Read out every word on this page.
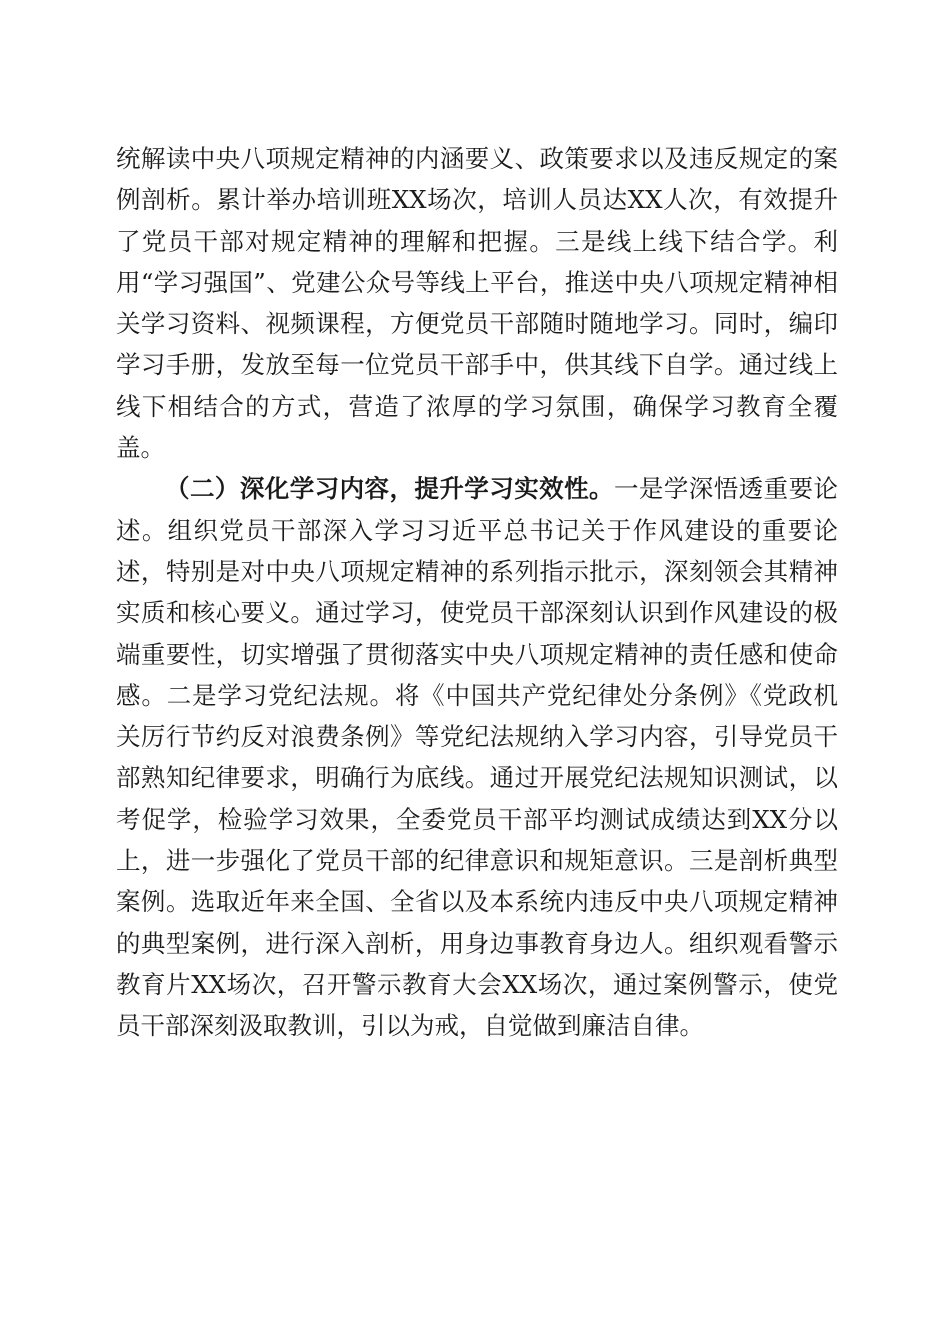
统解读中央八项规定精神的内涵要义、政策要求以及违反规定的案例剖析。累计举办培训班XX场次，培训人员达XX人次，有效提升了党员干部对规定精神的理解和把握。三是线上线下结合学。利用“学习强国”、党建公众号等线上平台，推送中央八项规定精神相关学习资料、视频课程，方便党员干部随时随地学习。同时，编印学习手册，发放至每一位党员干部手中，供其线下自学。通过线上线下相结合的方式，营造了浓厚的学习氛围，确保学习教育全覆盖。

（二）深化学习内容，提升学习实效性。一是学深悟透重要论述。组织党员干部深入学习习近平总书记关于作风建设的重要论述，特别是对中央八项规定精神的系列指示批示，深刻领会其精神实质和核心要义。通过学习，使党员干部深刻认识到作风建设的极端重要性，切实增强了贯彻落实中央八项规定精神的责任感和使命感。二是学习党纪法规。将《中国共产党纪律处分条例》《党政机关厉行节约反对浪费条例》等党纪法规纳入学习内容，引导党员干部熟知纪律要求，明确行为底线。通过开展党纪法规知识测试，以考促学，检验学习效果，全委党员干部平均测试成绩达到XX分以上，进一步强化了党员干部的纪律意识和规矩意识。三是剖析典型案例。选取近年来全国、全省以及本系统内违反中央八项规定精神的典型案例，进行深入剖析，用身边事教育身边人。组织观看警示教育片XX场次，召开警示教育大会XX场次，通过案例警示，使党员干部深刻汲取教训，引以为戒，自觉做到廉洁自律。
